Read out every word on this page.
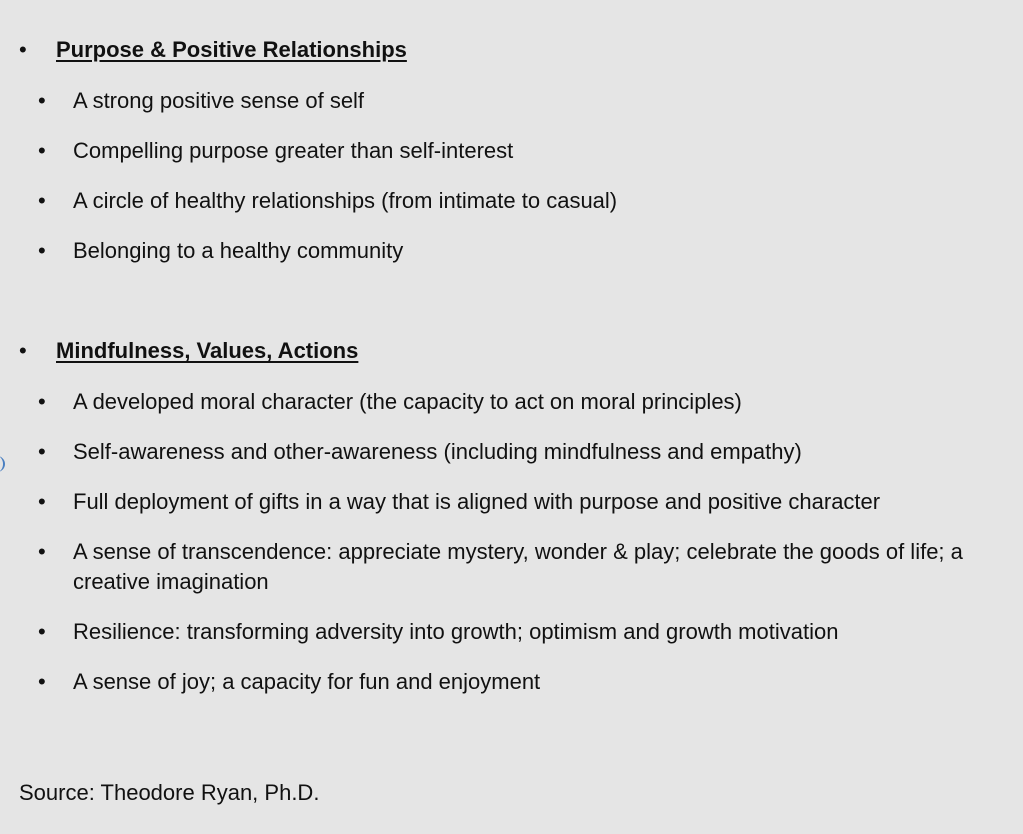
• Purpose & Positive Relationships
• A strong positive sense of self
• Compelling purpose greater than self-interest
• A circle of healthy relationships (from intimate to casual)
• Belonging to a healthy community
• Mindfulness, Values, Actions
• A developed moral character (the capacity to act on moral principles)
• Self-awareness and other-awareness (including mindfulness and empathy)
• Full deployment of gifts in a way that is aligned with purpose and positive character
• A sense of transcendence: appreciate mystery, wonder & play; celebrate the goods of life; a creative imagination
• Resilience: transforming adversity into growth; optimism and growth motivation
• A sense of joy; a capacity for fun and enjoyment
Source: Theodore Ryan, Ph.D.
